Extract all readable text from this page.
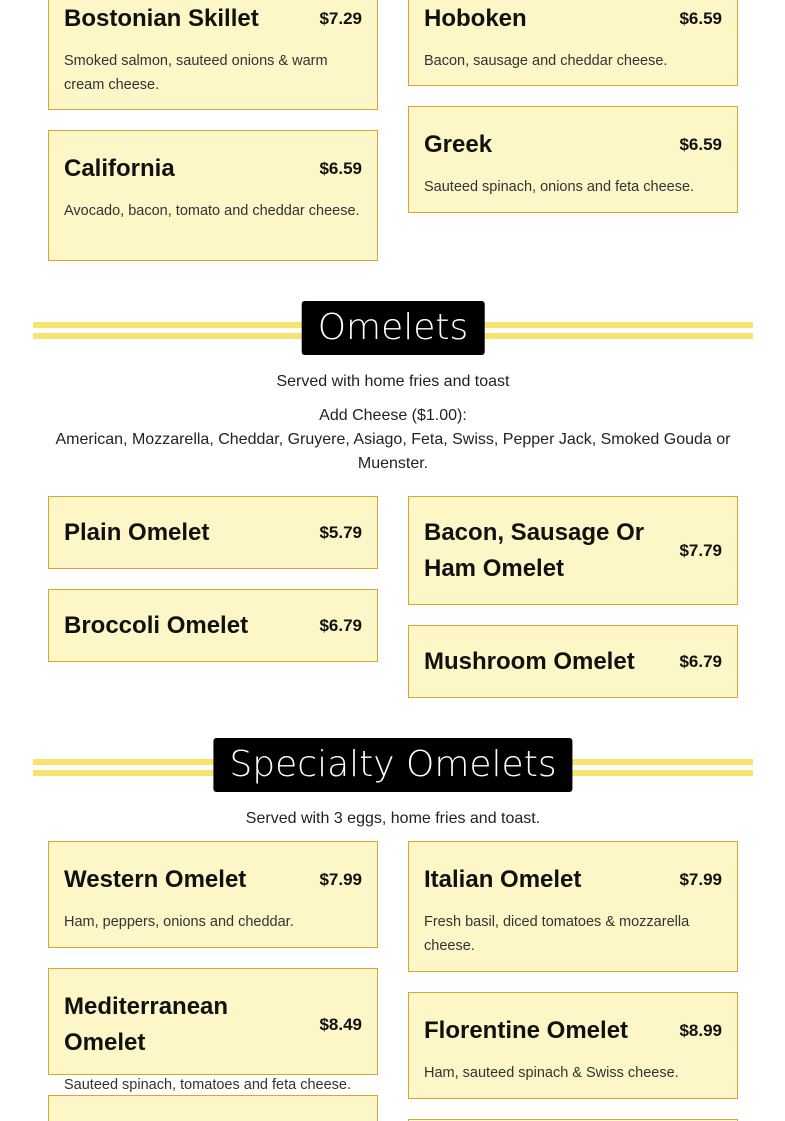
Bostonian Skillet	$7.29
Smoked salmon, sauteed onions & warm cream cheese.
California	$6.59
Avocado, bacon, tomato and cheddar cheese.
Hoboken	$6.59
Bacon, sausage and cheddar cheese.
Greek	$6.59
Sauteed spinach, onions and feta cheese.
Omelets
Served with home fries and toast
Add Cheese ($1.00):
American, Mozzarella, Cheddar, Gruyere, Asiago, Feta, Swiss, Pepper Jack, Smoked Gouda or Muenster.
Plain Omelet	$5.79
Broccoli Omelet	$6.79
Bacon, Sausage Or Ham Omelet
$7.79
Mushroom Omelet	$6.79
Specialty Omelets
Served with 3 eggs, home fries and toast.
Western Omelet	$7.99
Ham, peppers, onions and cheddar.
Mediterranean Omelet
$8.49
Sauteed spinach, tomatoes and feta cheese.
Italian Omelet	$7.99
Fresh basil, diced tomatoes & mozzarella cheese.
Florentine Omelet	$8.99
Ham, sauteed spinach & Swiss cheese.
